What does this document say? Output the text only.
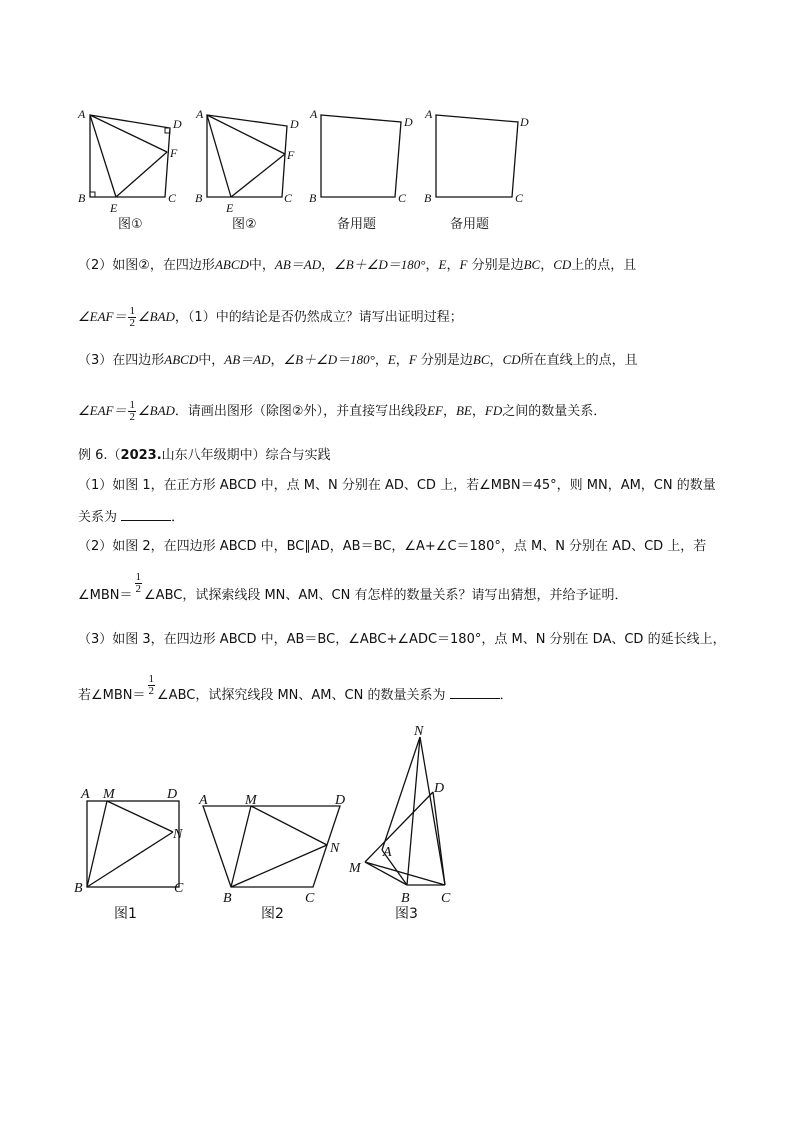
A
D
F
B	C
E
图①
A
D
F
B	C
E
图②
A
D
B	C
备用题
A
D
B	C
备用题
（2）如图②，在四边形ABCD中，AB＝AD，∠B＋∠D＝180°，E，F 分别是边BC，CD上的点，且
∠EAF＝ $\frac{1}{2}$ ∠BAD，（1）中的结论是否仍然成立？请写出证明过程；
（3）在四边形ABCD中，AB＝AD，∠B＋∠D＝180°，E，F 分别是边BC，CD所在直线上的点，且
∠EAF＝ $\frac{1}{2}$ ∠BAD．请画出图形（除图②外），并直接写出线段EF，BE，FD之间的数量关系．
例 6.（2023.山东八年级期中）综合与实践
（1）如图 1，在正方形 ABCD 中，点 M、N 分别在 AD、CD 上，若∠MBN＝45°，则 MN，AM，CN 的数量
关系为	．
（2）如图 2，在四边形 ABCD 中，BC∥AD，AB＝BC，∠A+∠C＝180°，点 M、N 分别在 AD、CD 上，若
∠MBN＝
$\frac{1}{2}$
∠ABC，试探索线段 MN、AM、CN 有怎样的数量关系？请写出猜想，并给予证明．
（3）如图 3，在四边形 ABCD 中，AB＝BC，∠ABC+∠ADC＝180°，点 M、N 分别在 DA、CD 的延长线上，
若∠MBN＝ $\frac{1}{2}$ ∠ABC，试探究线段 MN、AM、CN 的数量关系为	．
A M	D
N
B	C
图1
A	M	D
N
B	C
图2
N
D
A
M
B C
图3
